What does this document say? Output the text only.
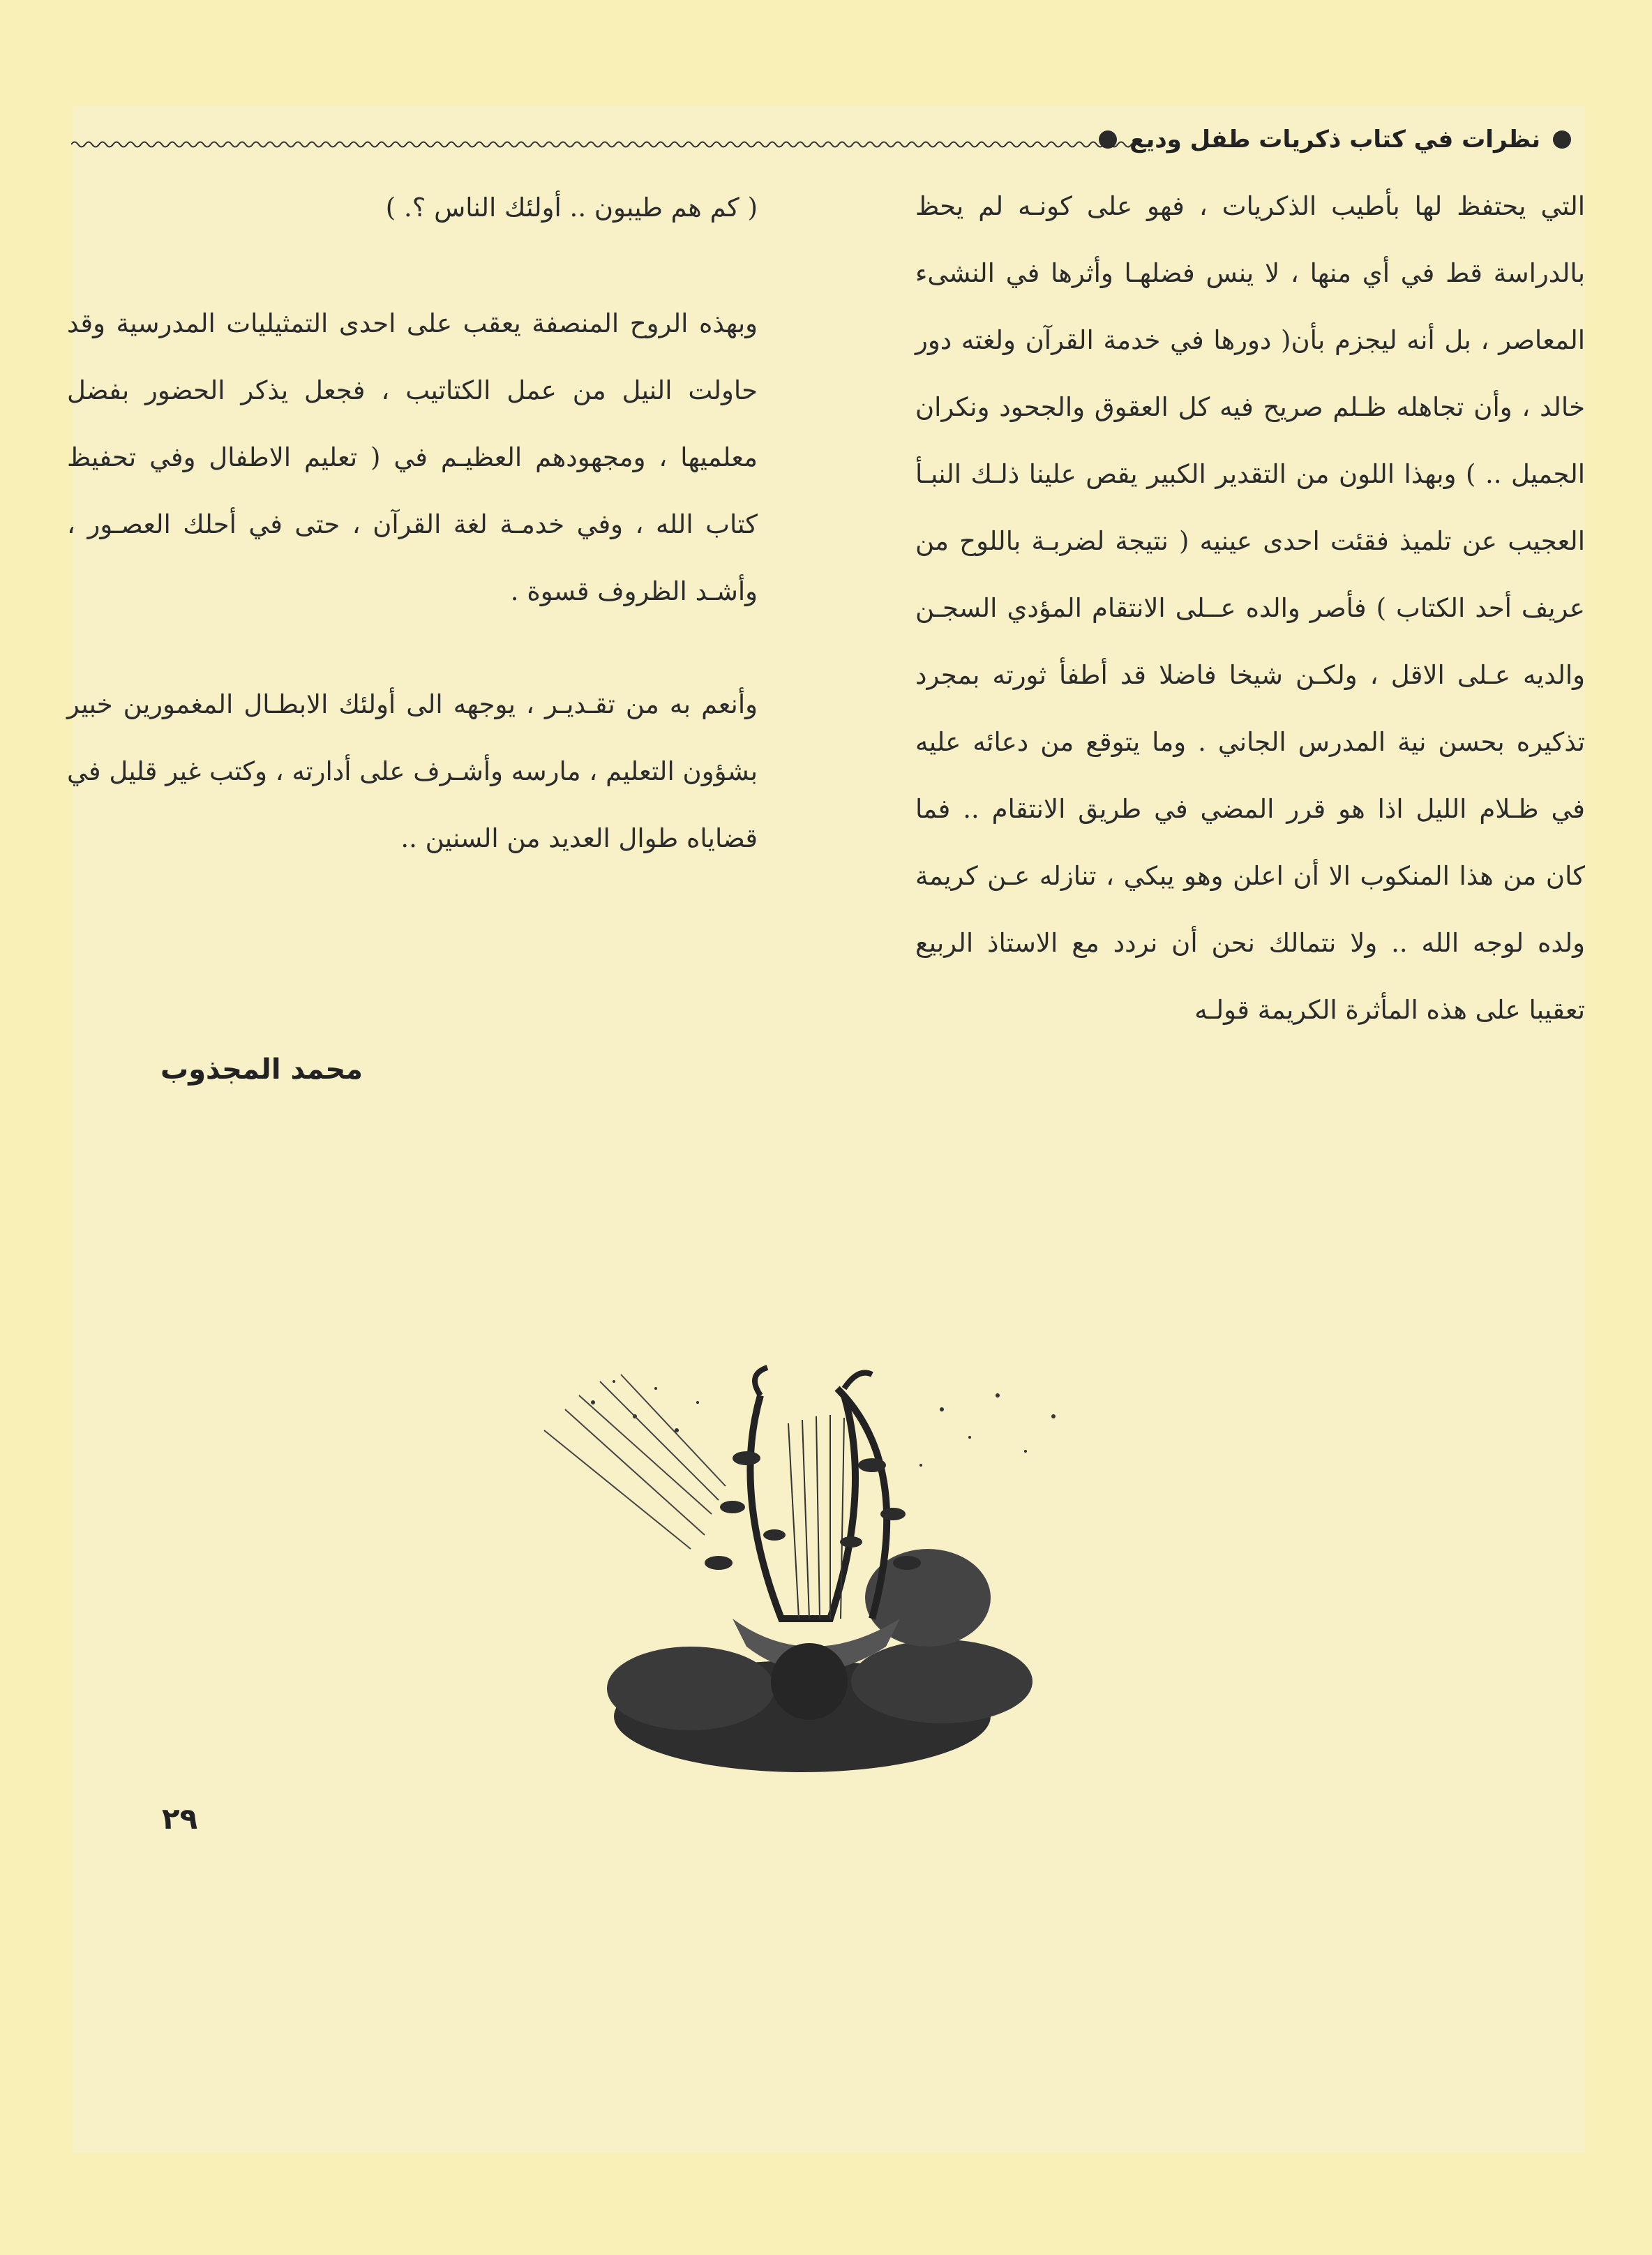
نظرات في كتاب ذكريات طفل وديع

التي يحتفظ لها بأطيب الذكريات ، فهو على كونـه لم يحظ بالدراسة قط في أي منها ، لا ينس فضلهـا وأثرها في النشىء المعاصر ، بل أنه ليجزم بأن( دورها في خدمة القرآن ولغته دور خالد ، وأن تجاهله ظـلم صريح فيه كل العقوق والجحود ونكران الجميل .. ) وبهذا اللون من التقدير الكبير يقص علينا ذلـك النبـأ العجيب عن تلميذ فقئت احدى عينيه ( نتيجة لضربـة باللوح من عريف أحد الكتاب ) فأصر والده عــلى الانتقام المؤدي السجـن والديه عـلى الاقل ، ولكـن شيخا فاضلا قد أطفأ ثورته بمجرد تذكيره بحسن نية المدرس الجاني . وما يتوقع من دعائه عليه في ظـلام الليل اذا هو قرر المضي في طريق الانتقام .. فما كان من هذا المنكوب الا أن اعلن وهو يبكي ، تنازله عـن كريمة ولده لوجه الله .. ولا نتمالك نحن أن نردد مع الاستاذ الربيع تعقيبا على هذه المأثرة الكريمة قولـه

( كم هم طيبون .. أولئك الناس ؟. )

وبهذه الروح المنصفة يعقب على احدى التمثيليات المدرسية وقد حاولت النيل من عمل الكتاتيب ، فجعل يذكر الحضور بفضل معلميها ، ومجهودهم العظيـم في ( تعليم الاطفال وفي تحفيظ كتاب الله ، وفي خدمـة لغة القرآن ، حتى في أحلك العصـور ، وأشـد الظروف قسوة .

وأنعم به من تقـديـر ، يوجهه الى أولئك الابطـال المغمورين خبير بشؤون التعليم ، مارسه وأشـرف على أدارته ، وكتب غير قليل في قضاياه طوال العديد من السنين ..

محمد المجذوب
٢٩
